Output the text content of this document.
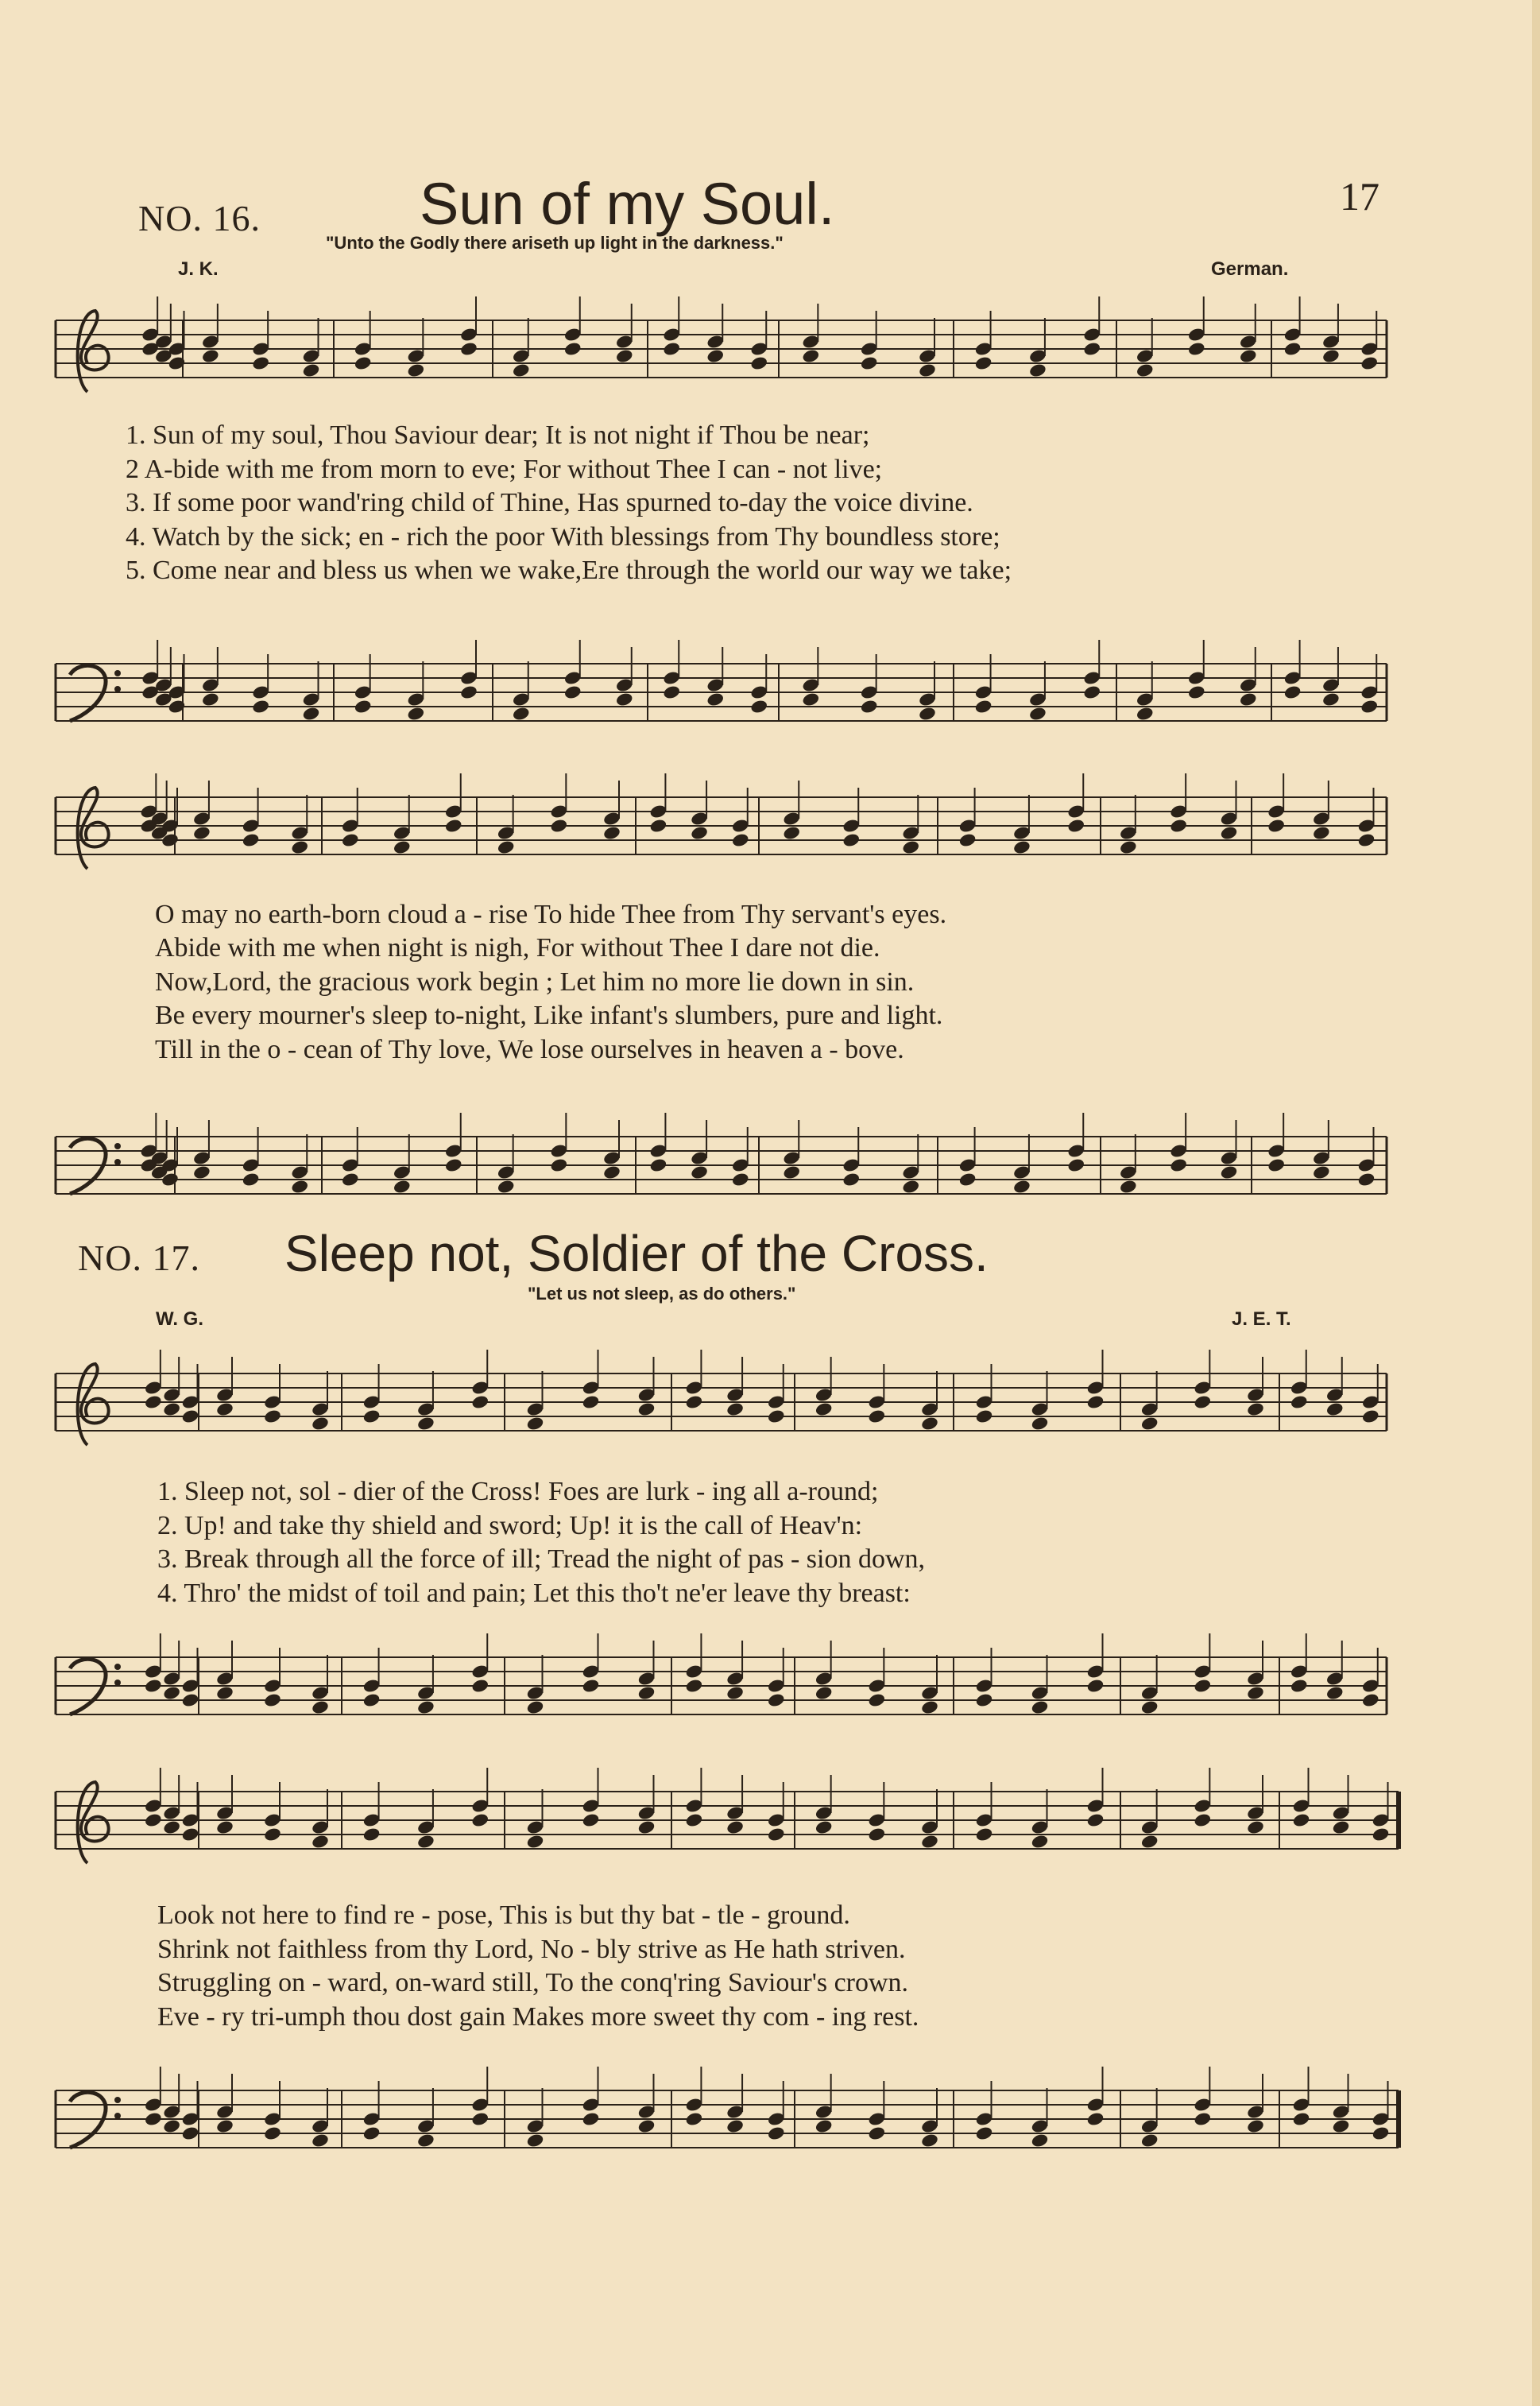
NO. 16.	Sun of my Soul.	17
"Unto the Godly there ariseth up light in the darkness."
J. K.	German.
1. Sun of my soul, Thou Saviour dear; It is not night if Thou be near;
2 A-bide with me from morn to eve; For without Thee I can - not live;
3. If some poor wand'ring child of Thine, Has spurned to-day the voice divine.
4. Watch by the sick; en - rich the poor With blessings from Thy boundless store;
5. Come near and bless us when we wake,Ere through the world our way we take;
O may no earth-born cloud a - rise To hide Thee from Thy servant's eyes.
Abide with me when night is nigh, For without Thee I dare not die.
Now,Lord, the gracious work begin ; Let him no more lie down in sin.
Be every mourner's sleep to-night, Like infant's slumbers, pure and light.
Till in the o - cean of Thy love, We lose ourselves in heaven a - bove.
NO. 17. Sleep not, Soldier of the Cross.
"Let us not sleep, as do others."
W. G.	J. E. T.
1. Sleep not, sol - dier of the Cross! Foes are lurk - ing all a-round;
2. Up! and take thy shield and sword; Up! it is the call of Heav'n:
3. Break through all the force of ill; Tread the night of pas - sion down,
4. Thro' the midst of toil and pain; Let this tho't ne'er leave thy breast:
Look not here to find re - pose, This is but thy bat - tle - ground.
Shrink not faithless from thy Lord, No - bly strive as He hath striven.
Struggling on - ward, on-ward still, To the conq'ring Saviour's crown.
Eve - ry tri-umph thou dost gain Makes more sweet thy com - ing rest.
